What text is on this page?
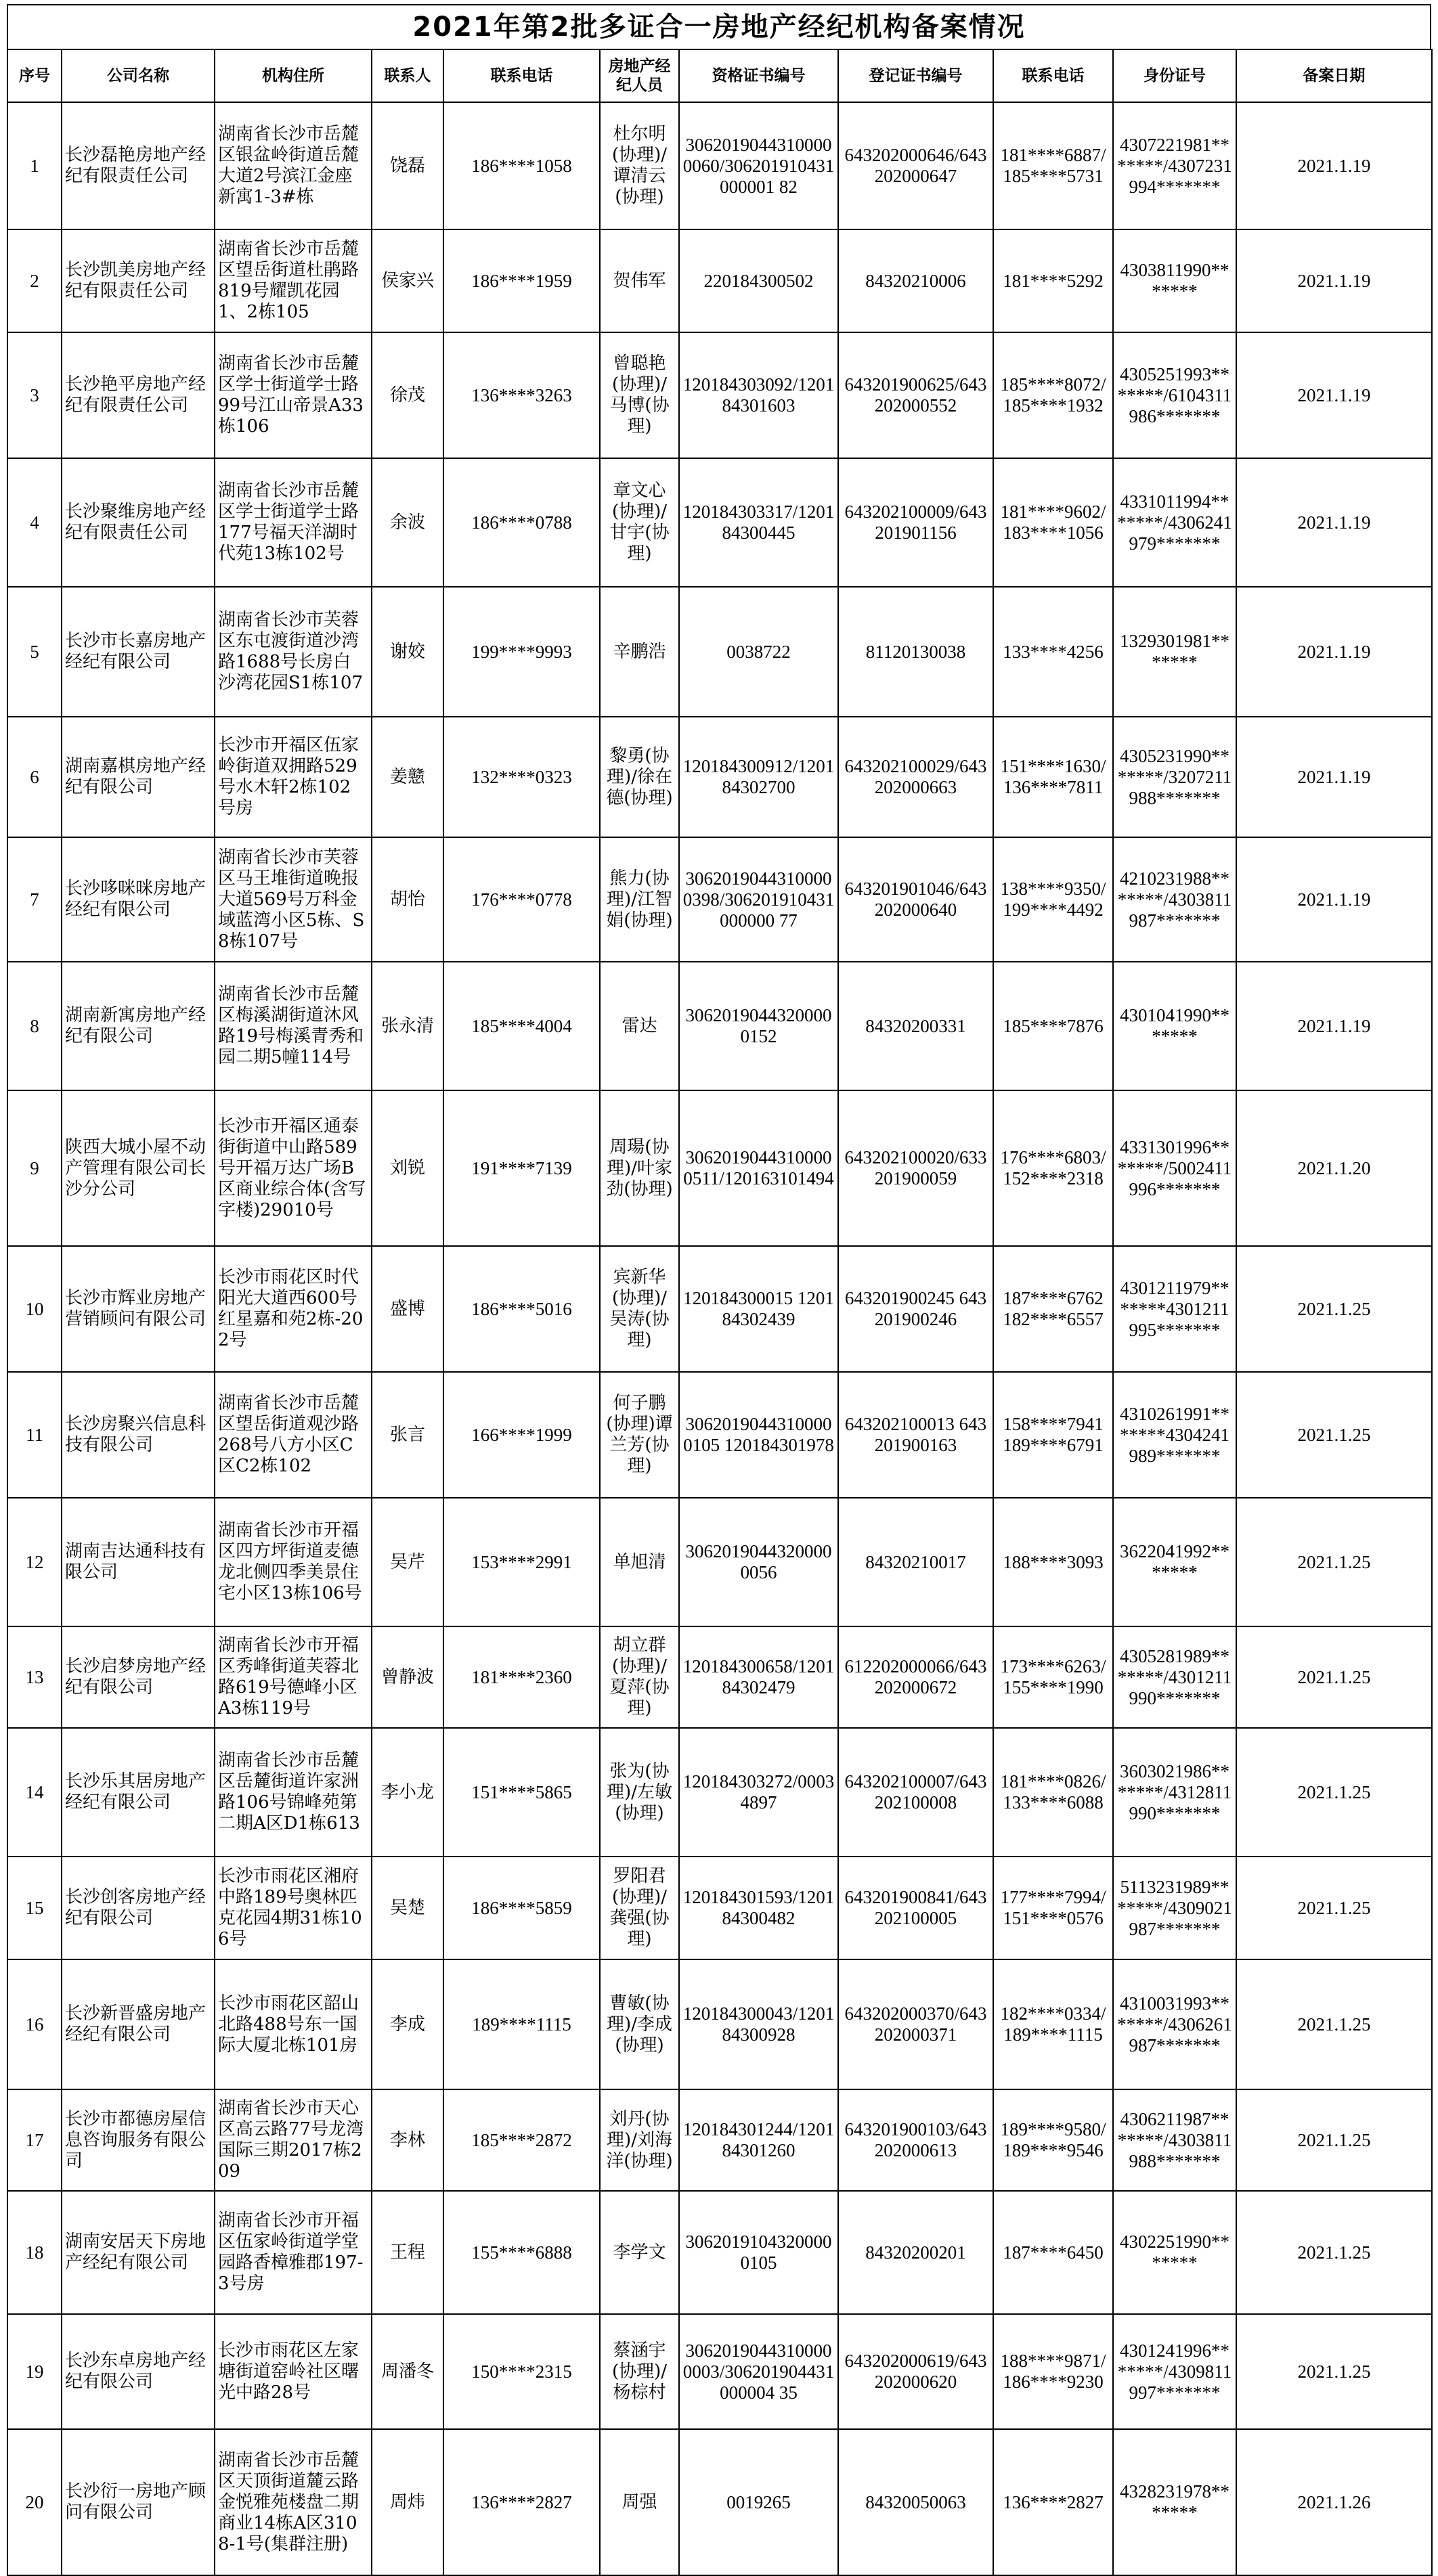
2021年第2批多证合一房地产经纪机构备案情况
序号	公司名称	机构住所	联系人	联系电话	房地产经纪人员	资格证书编号	登记证书编号	联系电话	身份证号	备案日期
1	长沙磊艳房地产经纪有限责任公司	湖南省长沙市岳麓区银盆岭街道岳麓大道2号滨江金座新寓1-3#栋	饶磊	186****1058	杜尔明(协理)/谭清云(协理)	30620190443100000060/306201910431000001 82	643202000646/643202000647	181****6887/185****5731	4307221981*******/4307231994*******	2021.1.19
2	长沙凯美房地产经纪有限责任公司	湖南省长沙市岳麓区望岳街道杜鹃路819号耀凯花园1、2栋105	侯家兴	186****1959	贺伟军	220184300502	84320210006	181****5292	4303811990*******	2021.1.19
3	长沙艳平房地产经纪有限责任公司	湖南省长沙市岳麓区学士街道学士路99号江山帝景A33栋106	徐茂	136****3263	曾聪艳(协理)/马博(协理)	120184303092/120184301603	643201900625/643202000552	185****8072/185****1932	4305251993*******/6104311986*******	2021.1.19
4	长沙聚维房地产经纪有限责任公司	湖南省长沙市岳麓区学士街道学士路177号福天洋湖时代苑13栋102号	余波	186****0788	章文心(协理)/甘宇(协理)	120184303317/120184300445	643202100009/643201901156	181****9602/183****1056	4331011994*******/4306241979*******	2021.1.19
5	长沙市长嘉房地产经纪有限公司	湖南省长沙市芙蓉区东屯渡街道沙湾路1688号长房白沙湾花园S1栋107	谢姣	199****9993	辛鹏浩	0038722	81120130038	133****4256	1329301981*******	2021.1.19
6	湖南嘉棋房地产经纪有限公司	长沙市开福区伍家岭街道双拥路529号水木轩2栋102号房	姜戆	132****0323	黎勇(协理)/徐在德(协理)	120184300912/120184302700	643202100029/643202000663	151****1630/136****7811	4305231990*******/3207211988*******	2021.1.19
7	长沙哆咪咪房地产经纪有限公司	湖南省长沙市芙蓉区马王堆街道晚报大道569号万科金域蓝湾小区5栋、S8栋107号	胡怡	176****0778	熊力(协理)/江智娟(协理)	30620190443100000398/306201910431000000 77	643201901046/643202000640	138****9350/199****4492	4210231988*******/4303811987*******	2021.1.19
8	湖南新寓房地产经纪有限公司	湖南省长沙市岳麓区梅溪湖街道沐风路19号梅溪青秀和园二期5幢114号	张永清	185****4004	雷达	30620190443200000152	84320200331	185****7876	4301041990*******	2021.1.19
9	陕西大城小屋不动产管理有限公司长沙分公司	长沙市开福区通泰街街道中山路589号开福万达广场B区商业综合体(含写字楼)29010号	刘锐	191****7139	周瑒(协理)/叶家劲(协理)	30620190443100000511/120163101494	643202100020/633201900059	176****6803/152****2318	4331301996*******/5002411996*******	2021.1.20
10	长沙市辉业房地产营销顾问有限公司	长沙市雨花区时代阳光大道西600号红星嘉和苑2栋-202号	盛博	186****5016	宾新华(协理)/吴涛(协理)	120184300015 120184302439	643201900245 643201900246	187****6762 182****6557	4301211979*******4301211995*******	2021.1.25
11	长沙房聚兴信息科技有限公司	湖南省长沙市岳麓区望岳街道观沙路268号八方小区C区C2栋102	张言	166****1999	何子鹏(协理)谭兰芳(协理)	30620190443100000105 120184301978	643202100013 643201900163	158****7941 189****6791	4310261991*******4304241989*******	2021.1.25
12	湖南吉达通科技有限公司	湖南省长沙市开福区四方坪街道麦德龙北侧四季美景住宅小区13栋106号	吴芹	153****2991	单旭清	30620190443200000056	84320210017	188****3093	3622041992*******	2021.1.25
13	长沙启梦房地产经纪有限公司	湖南省长沙市开福区秀峰街道芙蓉北路619号德峰小区A3栋119号	曾静波	181****2360	胡立群(协理)/夏萍(协理)	120184300658/120184302479	612202000066/643202000672	173****6263/155****1990	4305281989*******/4301211990*******	2021.1.25
14	长沙乐其居房地产经纪有限公司	湖南省长沙市岳麓区岳麓街道许家洲路106号锦峰苑第二期A区D1栋613	李小龙	151****5865	张为(协理)/左敏(协理)	120184303272/00034897	643202100007/643202100008	181****0826/133****6088	3603021986*******/4312811990*******	2021.1.25
15	长沙创客房地产经纪有限公司	长沙市雨花区湘府中路189号奥林匹克花园4期31栋106号	吴楚	186****5859	罗阳君(协理)/龚强(协理)	120184301593/120184300482	643201900841/643202100005	177****7994/151****0576	5113231989*******/4309021987*******	2021.1.25
16	长沙新晋盛房地产经纪有限公司	长沙市雨花区韶山北路488号东一国际大厦北栋101房	李成	189****1115	曹敏(协理)/李成(协理)	120184300043/120184300928	643202000370/643202000371	182****0334/189****1115	4310031993*******/4306261987*******	2021.1.25
17	长沙市都德房屋信息咨询服务有限公司	湖南省长沙市天心区高云路77号龙湾国际三期2017栋209	李林	185****2872	刘丹(协理)/刘海洋(协理)	120184301244/120184301260	643201900103/643202000613	189****9580/189****9546	4306211987*******/4303811988*******	2021.1.25
18	湖南安居天下房地产经纪有限公司	湖南省长沙市开福区伍家岭街道学堂园路香樟雅郡197-3号房	王程	155****6888	李学文	30620191043200000105	84320200201	187****6450	4302251990*******	2021.1.25
19	长沙东卓房地产经纪有限公司	长沙市雨花区左家塘街道窑岭社区曙光中路28号	周潘冬	150****2315	蔡涵宇(协理)/杨棕村	30620190443100000003/306201904431000004 35	643202000619/643202000620	188****9871/186****9230	4301241996*******/4309811997*******	2021.1.25
20	长沙衍一房地产顾问有限公司	湖南省长沙市岳麓区天顶街道麓云路金悦雅苑楼盘二期商业14栋A区3108-1号(集群注册)	周炜	136****2827	周强	0019265	84320050063	136****2827	4328231978*******	2021.1.26
